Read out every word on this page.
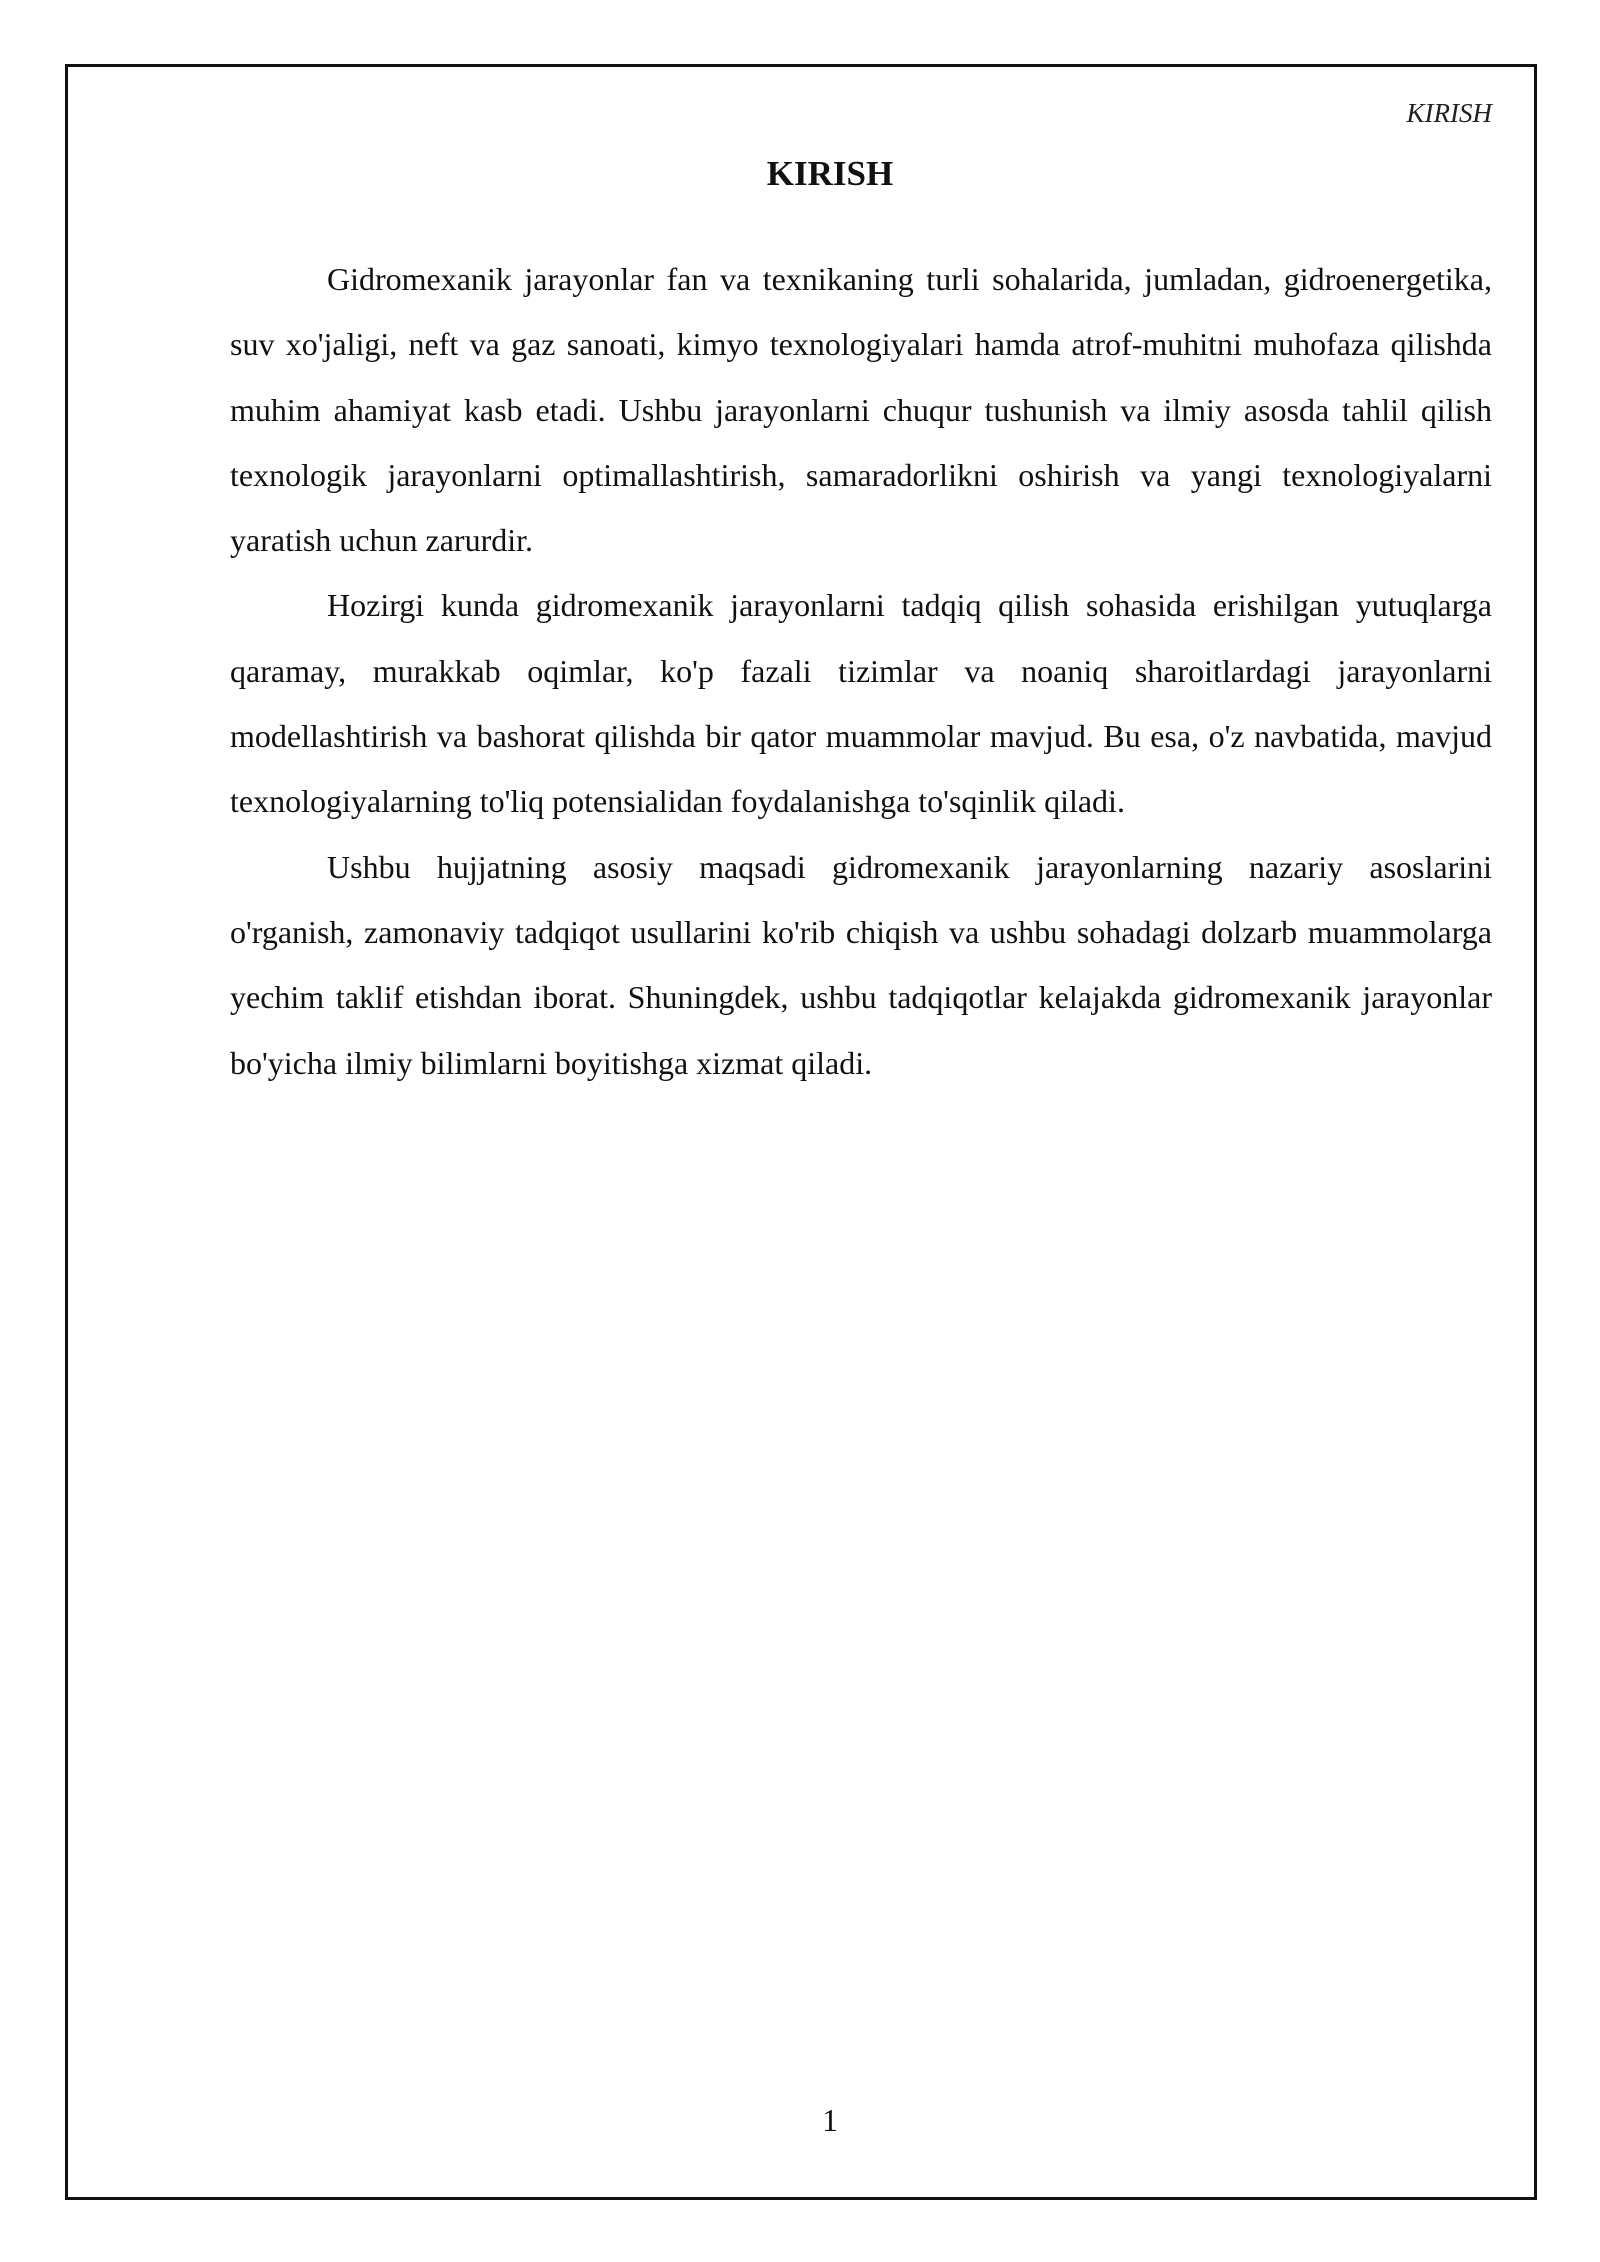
KIRISH
KIRISH

Gidromexanik jarayonlar fan va texnikaning turli sohalarida, jumladan, gidroenergetika, suv xo'jaligi, neft va gaz sanoati, kimyo texnologiyalari hamda atrof-muhitni muhofaza qilishda muhim ahamiyat kasb etadi. Ushbu jarayonlarni chuqur tushunish va ilmiy asosda tahlil qilish texnologik jarayonlarni optimallashtirish, samaradorlikni oshirish va yangi texnologiyalarni yaratish uchun zarurdir.

Hozirgi kunda gidromexanik jarayonlarni tadqiq qilish sohasida erishilgan yutuqlarga qaramay, murakkab oqimlar, ko'p fazali tizimlar va noaniq sharoitlardagi jarayonlarni modellashtirish va bashorat qilishda bir qator muammolar mavjud. Bu esa, o'z navbatida, mavjud texnologiyalarning to'liq potensialidan foydalanishga to'sqinlik qiladi.

Ushbu hujjatning asosiy maqsadi gidromexanik jarayonlarning nazariy asoslarini o'rganish, zamonaviy tadqiqot usullarini ko'rib chiqish va ushbu sohadagi dolzarb muammolarga yechim taklif etishdan iborat. Shuningdek, ushbu tadqiqotlar kelajakda gidromexanik jarayonlar bo'yicha ilmiy bilimlarni boyitishga xizmat qiladi.

1
